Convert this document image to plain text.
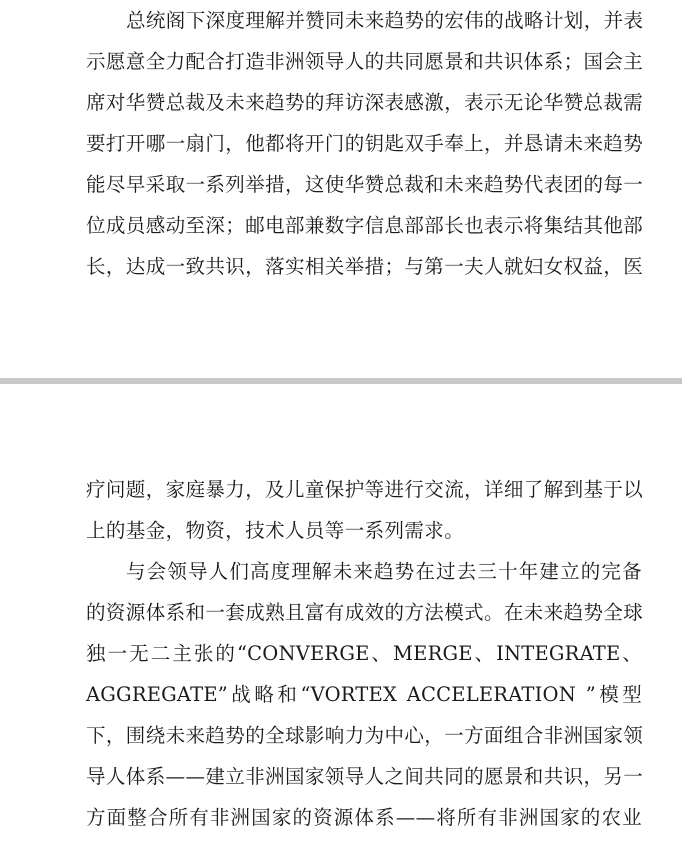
总统阁下深度理解并赞同未来趋势的宏伟的战略计划，并表
示愿意全力配合打造非洲领导人的共同愿景和共识体系；国会主
席对华赞总裁及未来趋势的拜访深表感激，表示无论华赞总裁需
要打开哪一扇门，他都将开门的钥匙双手奉上，并恳请未来趋势
能尽早采取一系列举措，这使华赞总裁和未来趋势代表团的每一
位成员感动至深；邮电部兼数字信息部部长也表示将集结其他部
长，达成一致共识，落实相关举措；与第一夫人就妇女权益，医
疗问题，家庭暴力，及儿童保护等进行交流，详细了解到基于以
上的基金，物资，技术人员等一系列需求。
与会领导人们高度理解未来趋势在过去三十年建立的完备
的资源体系和一套成熟且富有成效的方法模式。在未来趋势全球
独一无二主张的“CONVERGE、MERGE、INTEGRATE、
AGGREGATE”战略和“VORTEX ACCELERATION ”模型
下，围绕未来趋势的全球影响力为中心，一方面组合非洲国家领
导人体系——建立非洲国家领导人之间共同的愿景和共识，另一
方面整合所有非洲国家的资源体系——将所有非洲国家的农业
